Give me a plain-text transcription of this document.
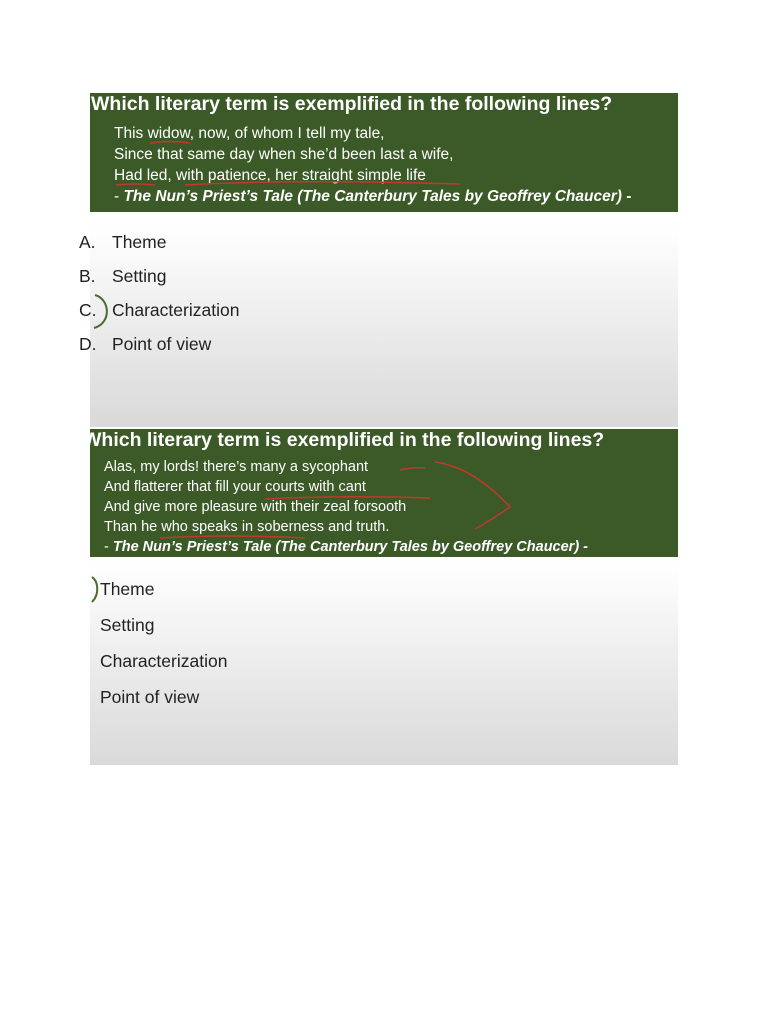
Which literary term is exemplified in the following lines?
This widow, now, of whom I tell my tale,
Since that same day when she’d been last a wife,
Had led, with patience, her straight simple life
- The Nun’s Priest’s Tale (The Canterbury Tales by Geoffrey Chaucer) -
A. Theme
B. Setting
C. Characterization
D. Point of view
Which literary term is exemplified in the following lines?
Alas, my lords! there’s many a sycophant
And flatterer that fill your courts with cant
And give more pleasure with their zeal forsooth
Than he who speaks in soberness and truth.
- The Nun’s Priest’s Tale (The Canterbury Tales by Geoffrey Chaucer) -
Theme
Setting
Characterization
Point of view
